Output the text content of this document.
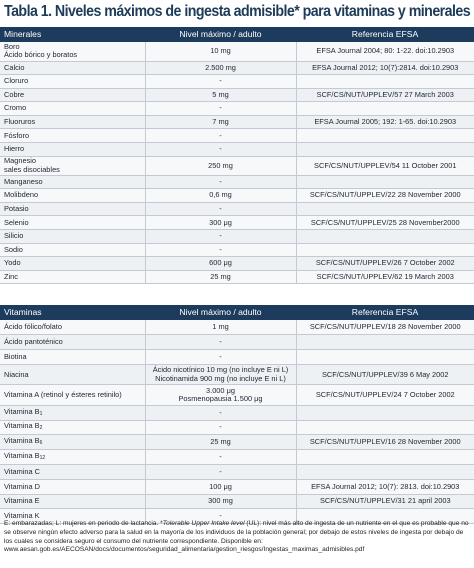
Tabla 1. Niveles máximos de ingesta admisible* para vitaminas y minerales
Minerales	Nivel máximo / adulto	Referencia EFSA

Boro
Ácido bórico y boratos	10 mg	EFSA Journal 2004; 80: 1-22. doi:10.2903

Calcio	2.500 mg	EFSA Journal 2012; 10(7):2814. doi:10.2903

Cloruro	-	

Cobre	5 mg	SCF/CS/NUT/UPPLEV/57 27 March 2003

Cromo	-	

Fluoruros	7 mg	EFSA Journal 2005; 192: 1-65. doi:10.2903

Fósforo	-	

Hierro	-	

Magnesio
sales disociables	250 mg	SCF/CS/NUT/UPPLEV/54 11 October 2001

Manganeso	-	

Molibdeno	0,6 mg	SCF/CS/NUT/UPPLEV/22 28 November 2000

Potasio	-	

Selenio	300 μg	SCF/CS/NUT/UPPLEV/25 28 November2000

Silicio	-	

Sodio	-	

Yodo	600 μg	SCF/CS/NUT/UPPLEV/26 7 October 2002

Zinc	25 mg	SCF/CS/NUT/UPPLEV/62 19 March 2003
Vitaminas	Nivel máximo / adulto	Referencia EFSA

Ácido fólico/folato	1 mg	SCF/CS/NUT/UPPLEV/18 28 November 2000

Ácido pantoténico	-	

Biotina	-	

Niacina	Ácido nicotínico 10 mg (no incluye E ni L)
Nicotinamida 900 mg (no incluye E ni L)	SCF/CS/NUT/UPPLEV/39 6 May 2002

Vitamina A (retinol y ésteres retinilo)	3.000 μg
Posmenopausia 1.500 μg	SCF/CS/NUT/UPPLEV/24 7 October 2002

Vitamina $B_1$	-	

Vitamina $B_2$	-	

Vitamina $B_6$	25 mg	SCF/CS/NUT/UPPLEV/16 28 November 2000

Vitamina $B_{12}$	-	

Vitamina C	-	

Vitamina D	100 μg	EFSA Journal 2012; 10(7): 2813. doi:10.2903

Vitamina E	300 mg	SCF/CS/NUT/UPPLEV/31 21 april 2003

Vitamina K	-	

E: embarazadas; L: mujeres en periodo de lactancia. *Tolerable Upper Intake level (UL): nivel más alto de ingesta de un nutriente en el que es probable que no se observe ningún efecto adverso para la salud en la mayoría de los individuos de la población general; por debajo de estos niveles de ingesta por debajo de los cuales se considera seguro el consumo del nutriente correspondiente. Disponible en: www.aesan.gob.es/AECOSAN/docs/documentos/seguridad_alimentaria/gestion_riesgos/Ingestas_maximas_admisibles.pdf
